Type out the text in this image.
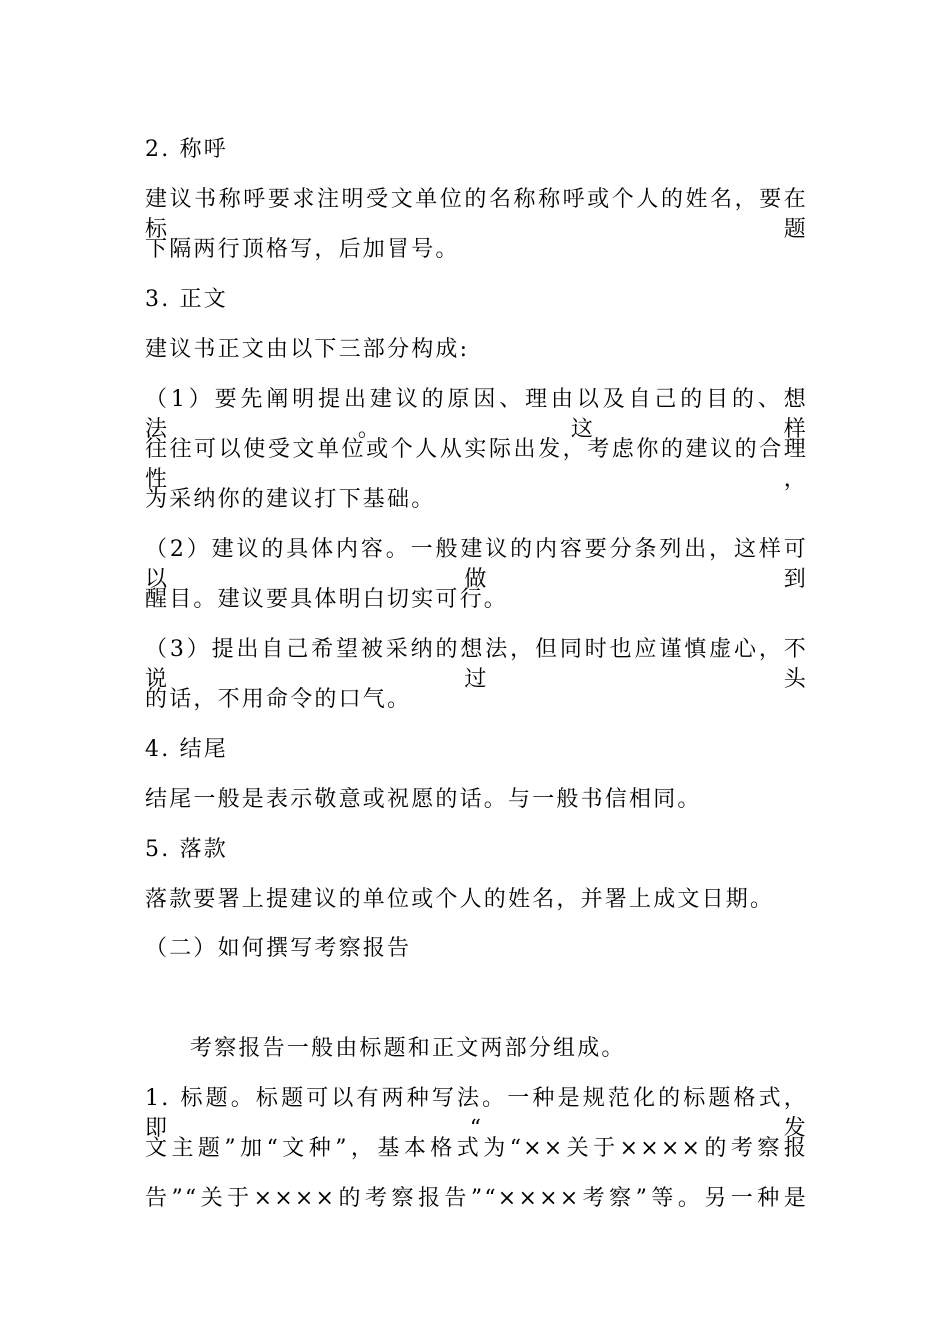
2. 称呼
建议书称呼要求注明受文单位的名称称呼或个人的姓名，要在标题
下隔两行顶格写，后加冒号。
3. 正文
建议书正文由以下三部分构成:
（1）要先阐明提出建议的原因、理由以及自己的目的、想法。这样
往往可以使受文单位或个人从实际出发，考虑你的建议的合理性，
为采纳你的建议打下基础。
（2）建议的具体内容。一般建议的内容要分条列出，这样可以做到
醒目。建议要具体明白切实可行。
（3）提出自己希望被采纳的想法，但同时也应谨慎虚心，不说过头
的话，不用命令的口气。
4. 结尾
结尾一般是表示敬意或祝愿的话。与一般书信相同。
5. 落款
落款要署上提建议的单位或个人的姓名，并署上成文日期。
（二）如何撰写考察报告
考察报告一般由标题和正文两部分组成。
1. 标题。标题可以有两种写法。一种是规范化的标题格式，即“发
文主题”加“文种”，基本格式为“××关于××××的考察报
告”“关于××××的考察报告”“××××考察”等。另一种是
